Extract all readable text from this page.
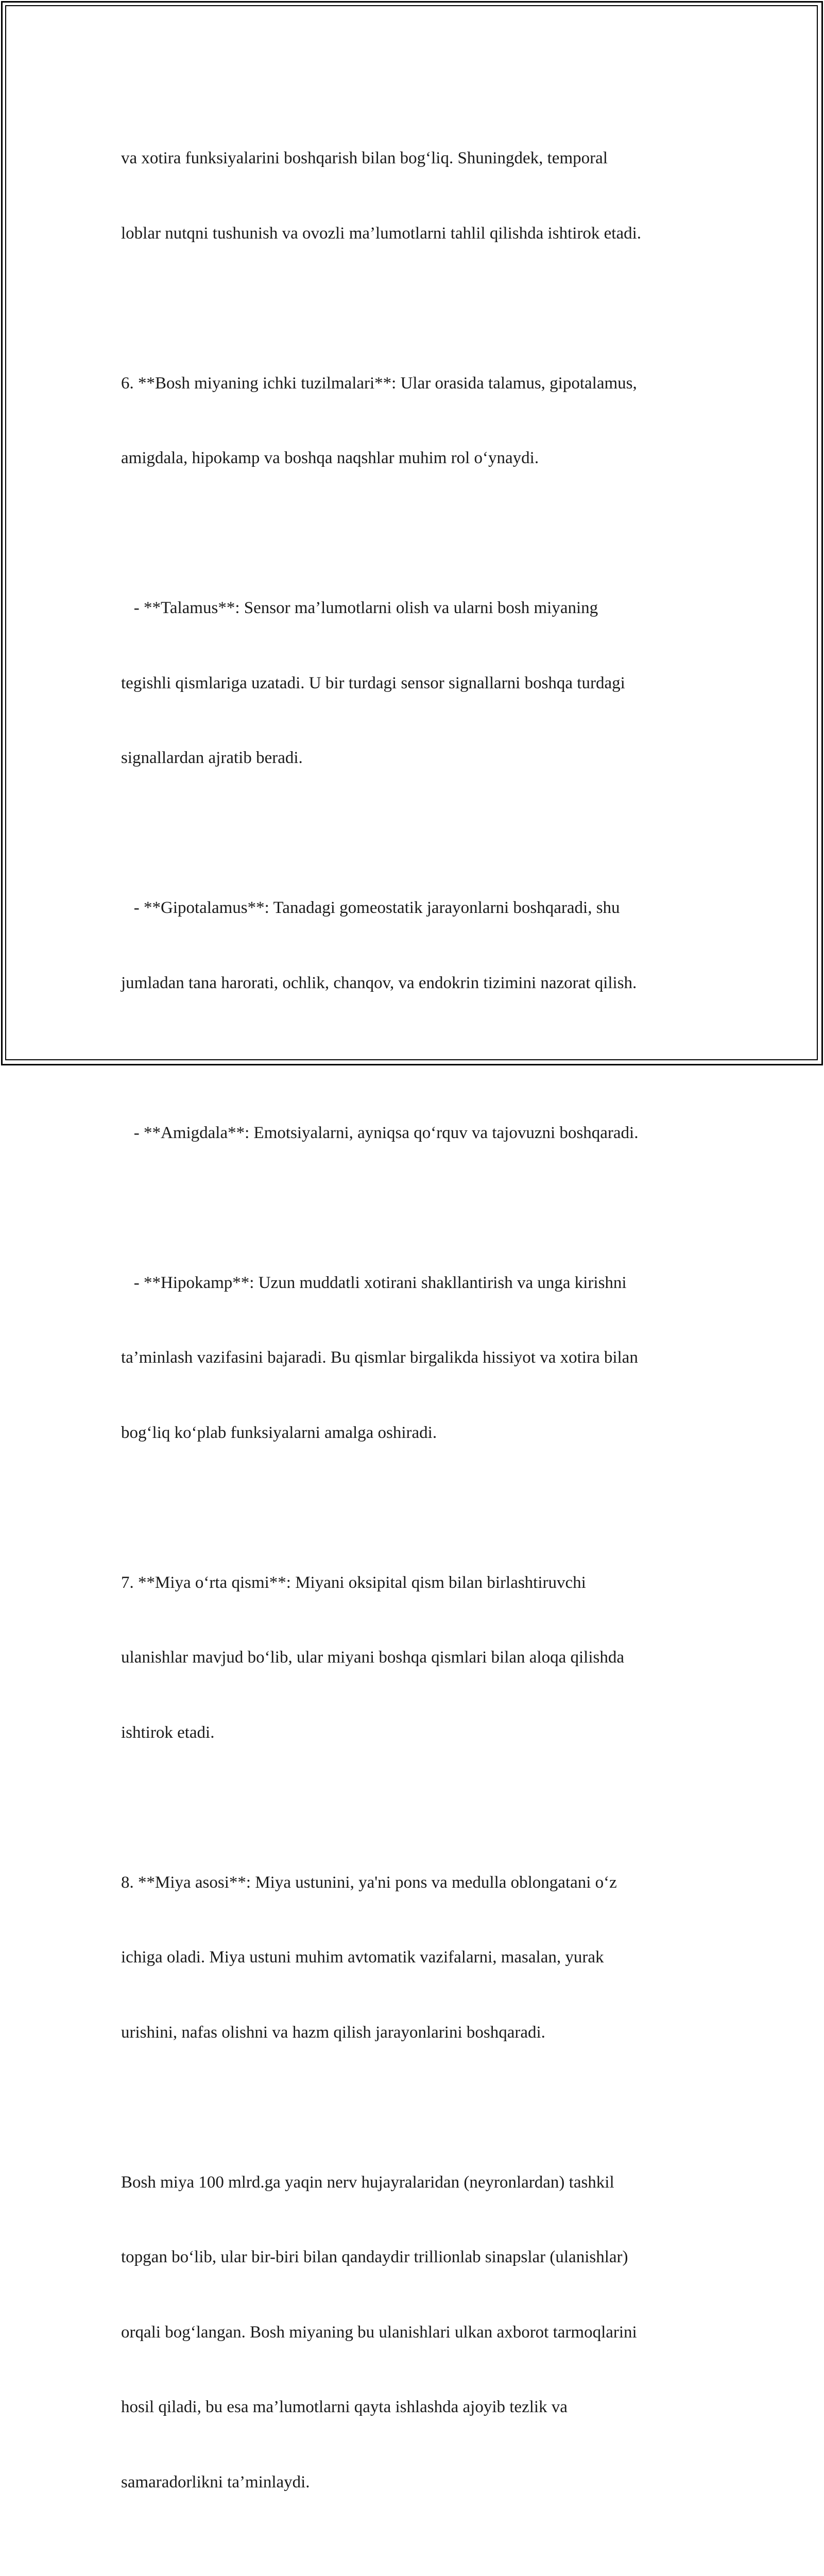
va xotira funksiyalarini boshqarish bilan bog‘liq. Shuningdek, temporal

loblar nutqni tushunish va ovozli ma’lumotlarni tahlil qilishda ishtirok etadi.

6. **Bosh miyaning ichki tuzilmalari**: Ular orasida talamus, gipotalamus,

amigdala, hipokamp va boshqa naqshlar muhim rol o‘ynaydi.

- **Talamus**: Sensor ma’lumotlarni olish va ularni bosh miyaning

tegishli qismlariga uzatadi. U bir turdagi sensor signallarni boshqa turdagi

signallardan ajratib beradi.

- **Gipotalamus**: Tanadagi gomeostatik jarayonlarni boshqaradi, shu

jumladan tana harorati, ochlik, chanqov, va endokrin tizimini nazorat qilish.

- **Amigdala**: Emotsiyalarni, ayniqsa qo‘rquv va tajovuzni boshqaradi.

- **Hipokamp**: Uzun muddatli xotirani shakllantirish va unga kirishni

ta’minlash vazifasini bajaradi. Bu qismlar birgalikda hissiyot va xotira bilan

bog‘liq ko‘plab funksiyalarni amalga oshiradi.

7. **Miya o‘rta qismi**: Miyani oksipital qism bilan birlashtiruvchi

ulanishlar mavjud bo‘lib, ular miyani boshqa qismlari bilan aloqa qilishda

ishtirok etadi.

8. **Miya asosi**: Miya ustunini, ya'ni pons va medulla oblongatani o‘z

ichiga oladi. Miya ustuni muhim avtomatik vazifalarni, masalan, yurak

urishini, nafas olishni va hazm qilish jarayonlarini boshqaradi.

Bosh miya 100 mlrd.ga yaqin nerv hujayralaridan (neyronlardan) tashkil

topgan bo‘lib, ular bir-biri bilan qandaydir trillionlab sinapslar (ulanishlar)

orqali bog‘langan. Bosh miyaning bu ulanishlari ulkan axborot tarmoqlarini

hosil qiladi, bu esa ma’lumotlarni qayta ishlashda ajoyib tezlik va

samaradorlikni ta’minlaydi.
